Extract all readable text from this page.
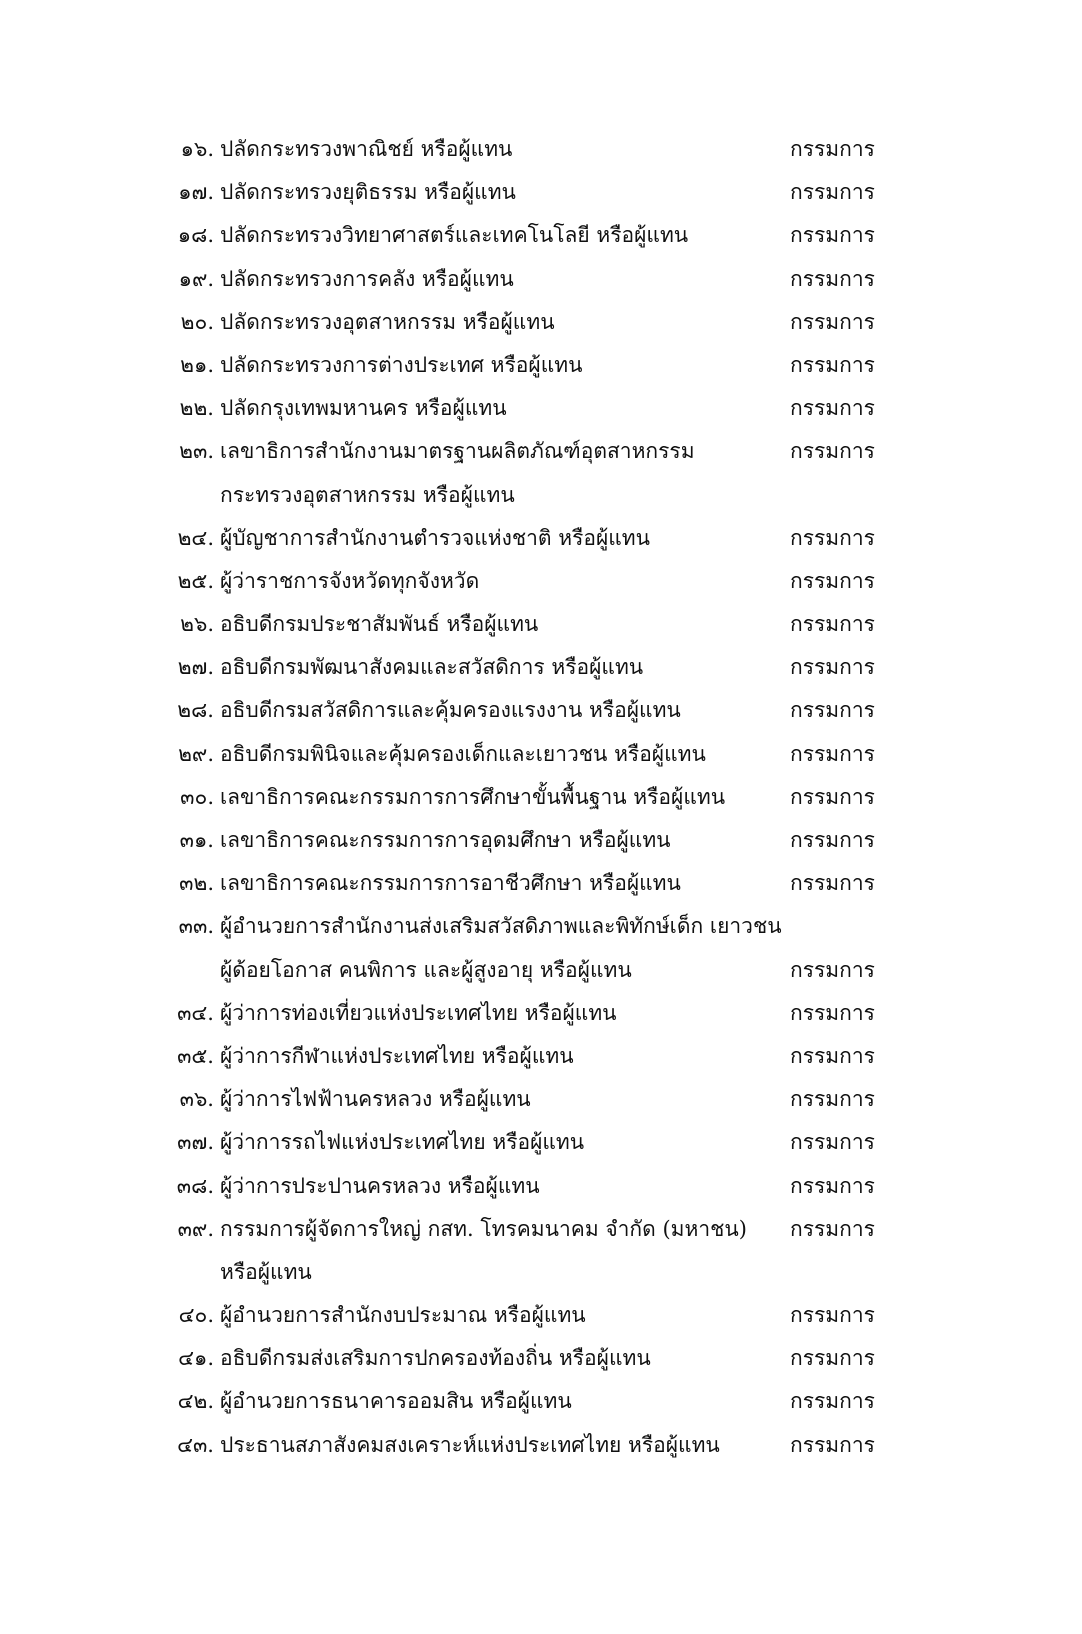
๑๖. ปลัดกระทรวงพาณิชย์ หรือผู้แทน	กรรมการ
๑๗. ปลัดกระทรวงยุติธรรม หรือผู้แทน	กรรมการ
๑๘. ปลัดกระทรวงวิทยาศาสตร์และเทคโนโลยี หรือผู้แทน	กรรมการ
๑๙. ปลัดกระทรวงการคลัง หรือผู้แทน	กรรมการ
๒๐. ปลัดกระทรวงอุตสาหกรรม หรือผู้แทน	กรรมการ
๒๑. ปลัดกระทรวงการต่างประเทศ หรือผู้แทน	กรรมการ
๒๒. ปลัดกรุงเทพมหานคร หรือผู้แทน	กรรมการ
๒๓. เลขาธิการสำนักงานมาตรฐานผลิตภัณฑ์อุตสาหกรรม	กรรมการ
กระทรวงอุตสาหกรรม หรือผู้แทน
๒๔. ผู้บัญชาการสำนักงานตำรวจแห่งชาติ หรือผู้แทน	กรรมการ
๒๕. ผู้ว่าราชการจังหวัดทุกจังหวัด	กรรมการ
๒๖. อธิบดีกรมประชาสัมพันธ์ หรือผู้แทน	กรรมการ
๒๗. อธิบดีกรมพัฒนาสังคมและสวัสดิการ หรือผู้แทน	กรรมการ
๒๘. อธิบดีกรมสวัสดิการและคุ้มครองแรงงาน หรือผู้แทน	กรรมการ
๒๙. อธิบดีกรมพินิจและคุ้มครองเด็กและเยาวชน หรือผู้แทน	กรรมการ
๓๐. เลขาธิการคณะกรรมการการศึกษาขั้นพื้นฐาน หรือผู้แทน	กรรมการ
๓๑. เลขาธิการคณะกรรมการการอุดมศึกษา หรือผู้แทน	กรรมการ
๓๒. เลขาธิการคณะกรรมการการอาชีวศึกษา หรือผู้แทน	กรรมการ
๓๓. ผู้อำนวยการสำนักงานส่งเสริมสวัสดิภาพและพิทักษ์เด็ก เยาวชน
ผู้ด้อยโอกาส คนพิการ และผู้สูงอายุ หรือผู้แทน	กรรมการ
๓๔. ผู้ว่าการท่องเที่ยวแห่งประเทศไทย หรือผู้แทน	กรรมการ
๓๕. ผู้ว่าการกีฬาแห่งประเทศไทย หรือผู้แทน	กรรมการ
๓๖. ผู้ว่าการไฟฟ้านครหลวง หรือผู้แทน	กรรมการ
๓๗. ผู้ว่าการรถไฟแห่งประเทศไทย หรือผู้แทน	กรรมการ
๓๘. ผู้ว่าการประปานครหลวง หรือผู้แทน	กรรมการ
๓๙. กรรมการผู้จัดการใหญ่ กสท. โทรคมนาคม จำกัด (มหาชน) กรรมการ
หรือผู้แทน
๔๐. ผู้อำนวยการสำนักงบประมาณ หรือผู้แทน	กรรมการ
๔๑. อธิบดีกรมส่งเสริมการปกครองท้องถิ่น หรือผู้แทน	กรรมการ
๔๒. ผู้อำนวยการธนาคารออมสิน หรือผู้แทน	กรรมการ
๔๓. ประธานสภาสังคมสงเคราะห์แห่งประเทศไทย หรือผู้แทน	กรรมการ
